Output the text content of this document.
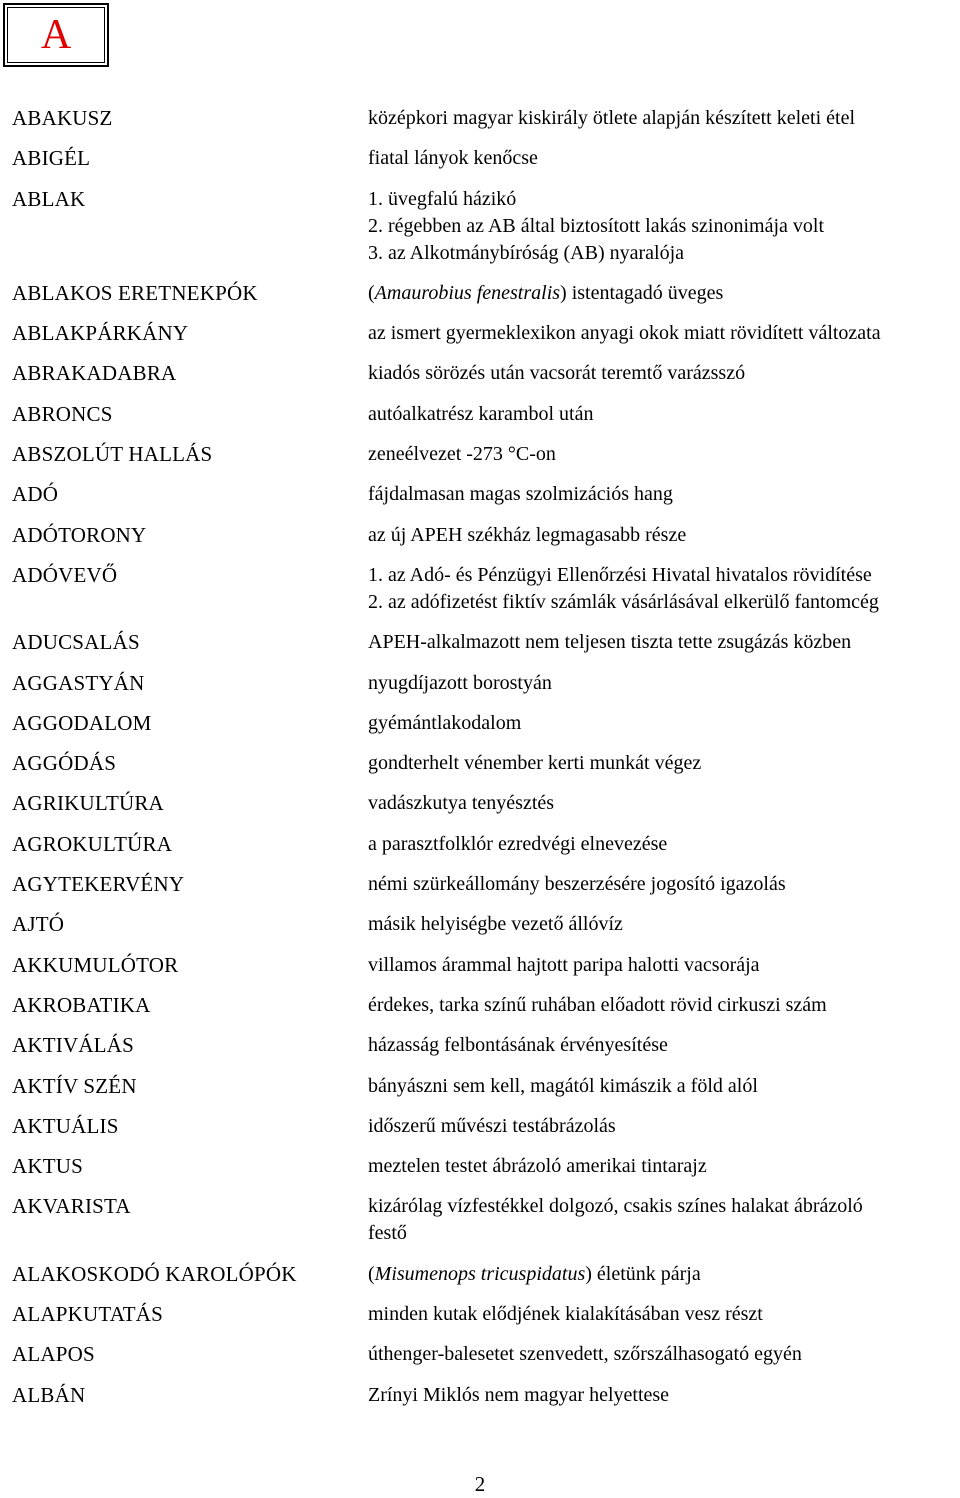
A
ABAKUSZ	középkori magyar kiskirály ötlete alapján készített keleti étel
ABIGÉL	fiatal lányok kenőcse
ABLAK	1. üvegfalú házikó
2. régebben az AB által biztosított lakás szinonimája volt
3. az Alkotmánybíróság (AB) nyaralója
ABLAKOS ERETNEKPÓK	(Amaurobius fenestralis) istentagadó üveges
ABLAKPÁRKÁNY	az ismert gyermeklexikon anyagi okok miatt rövidített változata
ABRAKADABRA	kiadós sörözés után vacsorát teremtő varázsszó
ABRONCS	autóalkatrész karambol után
ABSZOLÚT HALLÁS	zeneélvezet -273 °C-on
ADÓ	fájdalmasan magas szolmizációs hang
ADÓTORONY	az új APEH székház legmagasabb része
ADÓVEVŐ	1. az Adó- és Pénzügyi Ellenőrzési Hivatal hivatalos rövidítése
2. az adófizetést fiktív számlák vásárlásával elkerülő fantomcég
ADUCSALÁS	APEH-alkalmazott nem teljesen tiszta tette zsugázás közben
AGGASTYÁN	nyugdíjazott borostyán
AGGODALOM	gyémántlakodalom
AGGÓDÁS	gondterhelt vénember kerti munkát végez
AGRIKULTÚRA	vadászkutya tenyésztés
AGROKULTÚRA	a parasztfolklór ezredvégi elnevezése
AGYTEKERVÉNY	némi szürkeállomány beszerzésére jogosító igazolás
AJTÓ	másik helyiségbe vezető állóvíz
AKKUMULÓTOR	villamos árammal hajtott paripa halotti vacsorája
AKROBATIKA	érdekes, tarka színű ruhában előadott rövid cirkuszi szám
AKTIVÁLÁS	házasság felbontásának érvényesítése
AKTÍV SZÉN	bányászni sem kell, magától kimászik a föld alól
AKTUÁLIS	időszerű művészi testábrázolás
AKTUS	meztelen testet ábrázoló amerikai tintarajz
AKVARISTA	kizárólag vízfestékkel dolgozó, csakis színes halakat ábrázoló
festő
ALAKOSKODÓ KAROLÓPÓK	(Misumenops tricuspidatus) életünk párja
ALAPKUTATÁS	minden kutak elődjének kialakításában vesz részt
ALAPOS	úthenger-balesetet szenvedett, szőrszálhasogató egyén
ALBÁN	Zrínyi Miklós nem magyar helyettese
2
